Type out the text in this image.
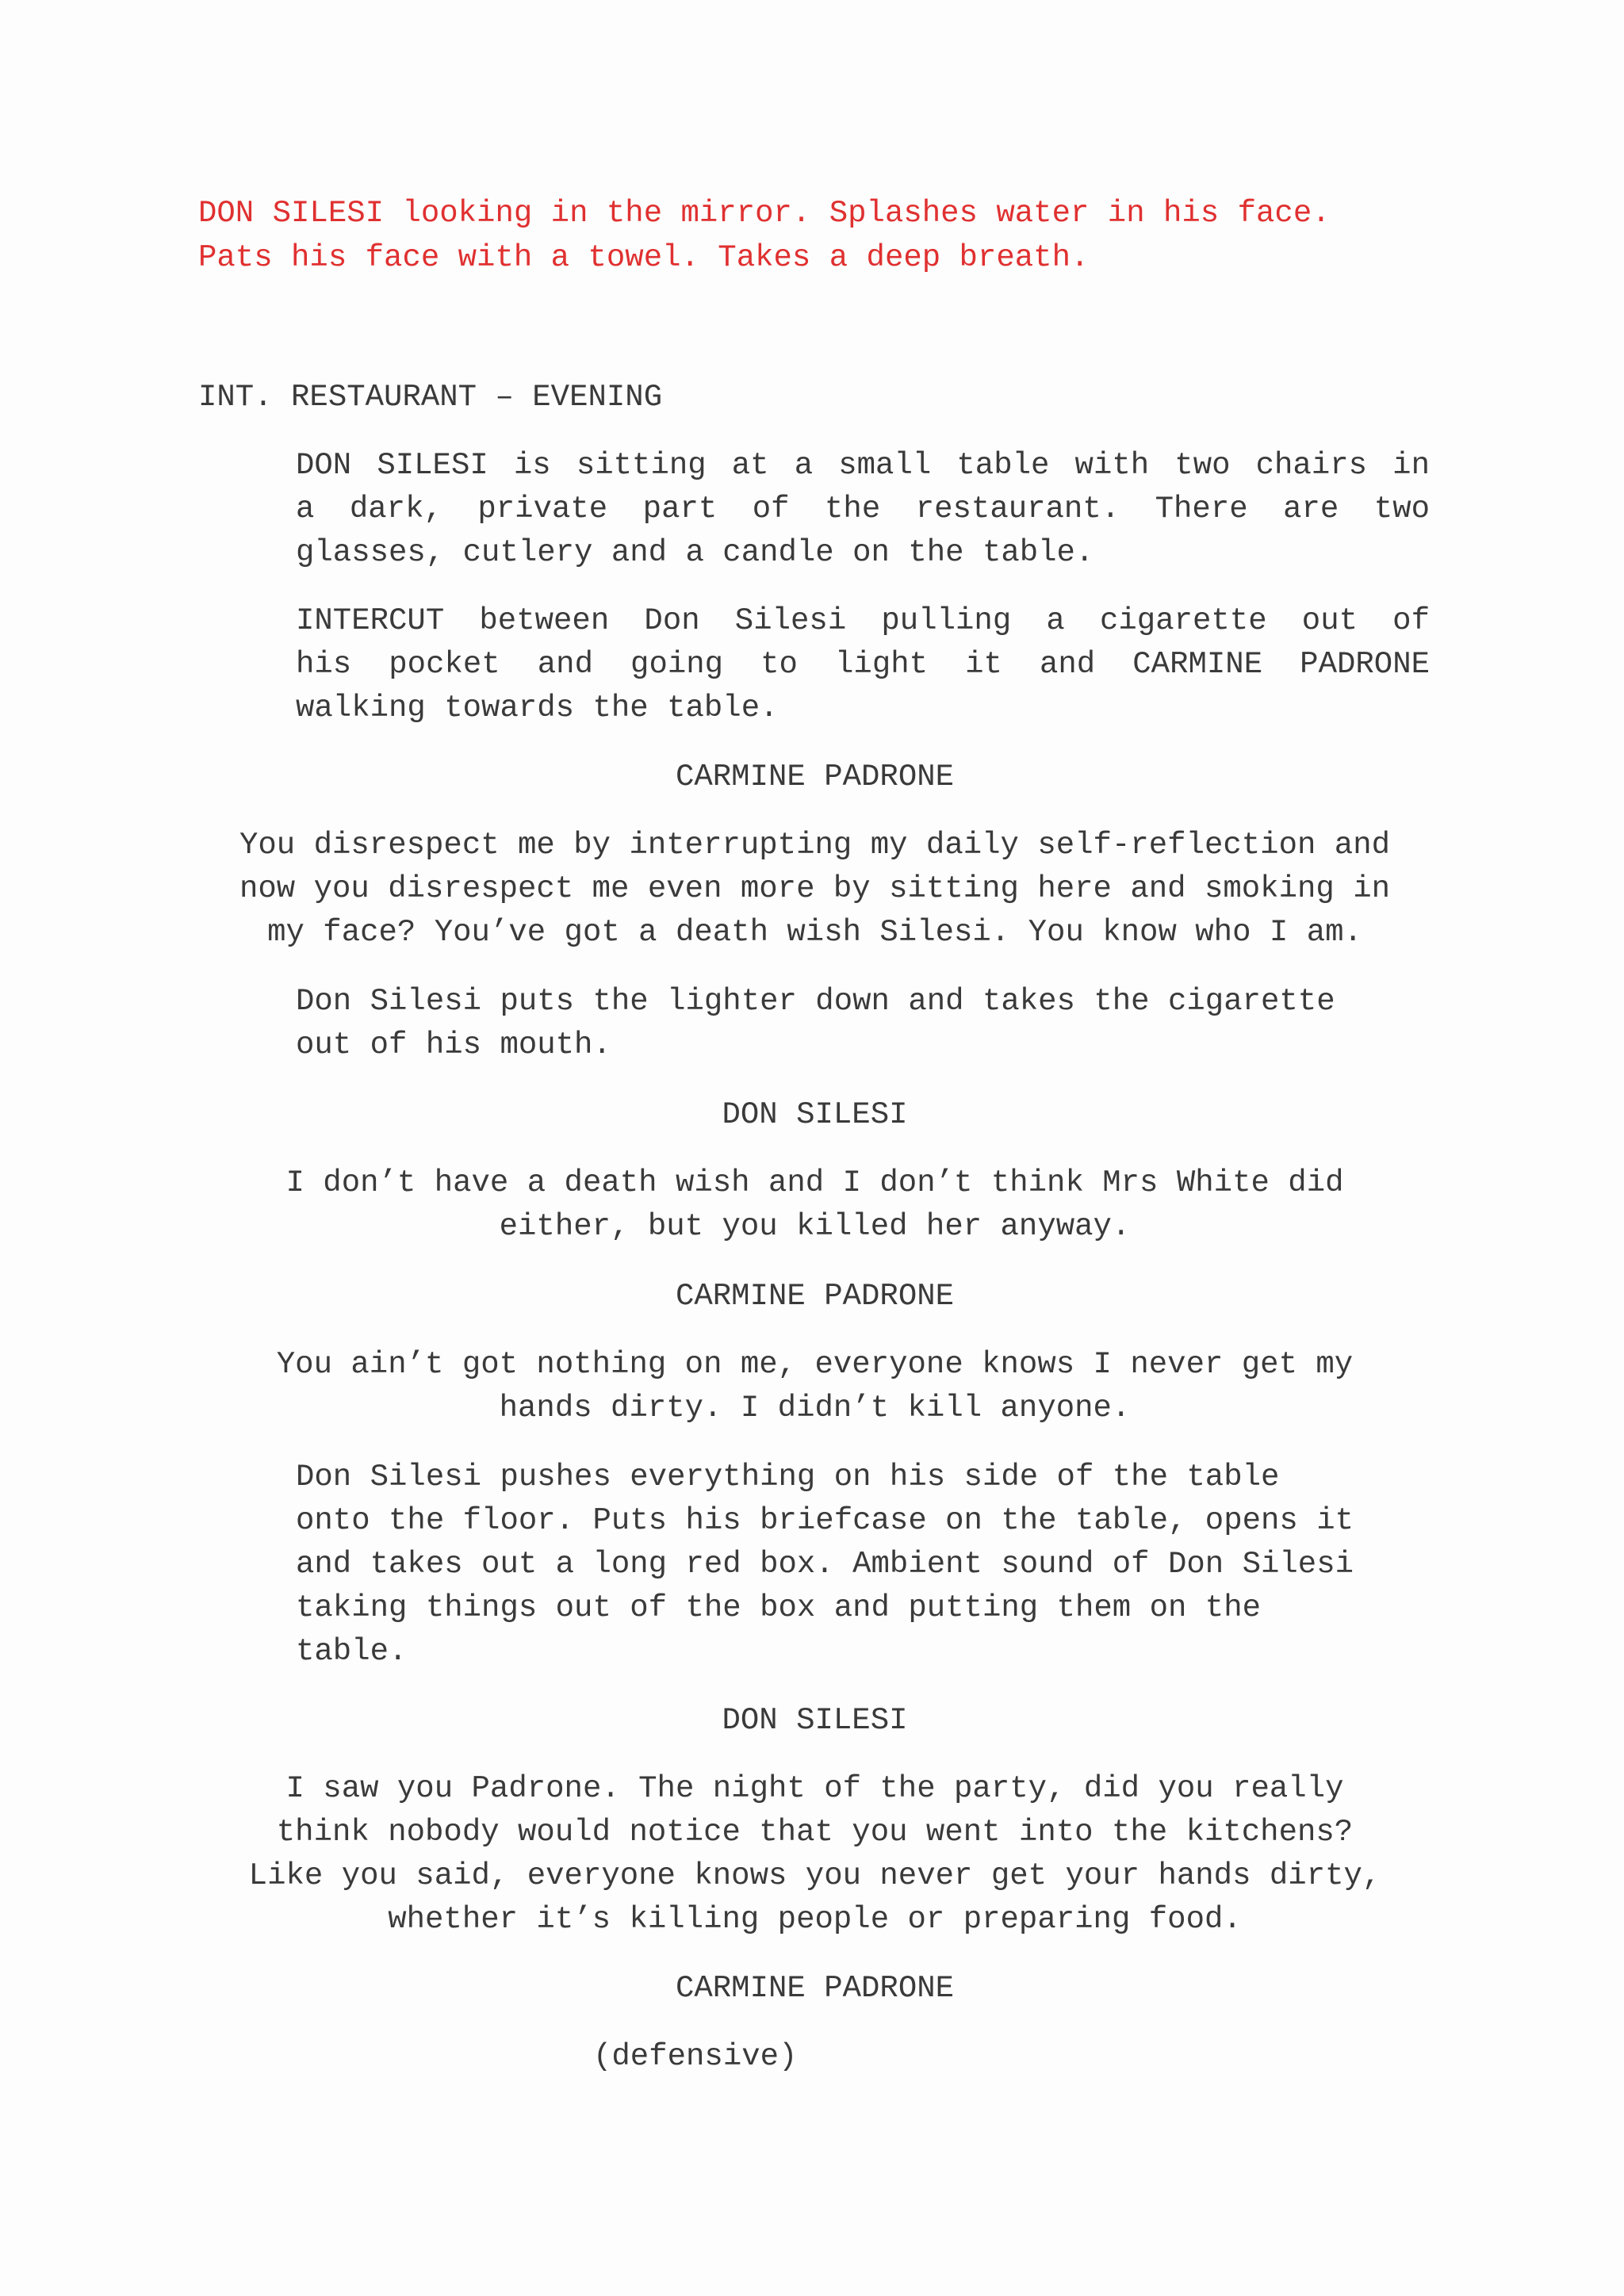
DON SILESI looking in the mirror. Splashes water in his face.

Pats his face with a towel. Takes a deep breath.

INT. RESTAURANT – EVENING

DON SILESI is sitting at a small table with two chairs in

a dark, private part of the restaurant. There are two

glasses, cutlery and a candle on the table.

INTERCUT between Don Silesi pulling a cigarette out of

his pocket and going to light it and CARMINE PADRONE

walking towards the table.

CARMINE PADRONE

You disrespect me by interrupting my daily self-reflection and

now you disrespect me even more by sitting here and smoking in

my face? You’ve got a death wish Silesi. You know who I am.

Don Silesi puts the lighter down and takes the cigarette

out of his mouth.

DON SILESI

I don’t have a death wish and I don’t think Mrs White did

either, but you killed her anyway.

CARMINE PADRONE

You ain’t got nothing on me, everyone knows I never get my

hands dirty. I didn’t kill anyone.

Don Silesi pushes everything on his side of the table

onto the floor. Puts his briefcase on the table, opens it

and takes out a long red box. Ambient sound of Don Silesi

taking things out of the box and putting them on the

table.

DON SILESI

I saw you Padrone. The night of the party, did you really

think nobody would notice that you went into the kitchens?

Like you said, everyone knows you never get your hands dirty,

whether it’s killing people or preparing food.

CARMINE PADRONE

(defensive)
